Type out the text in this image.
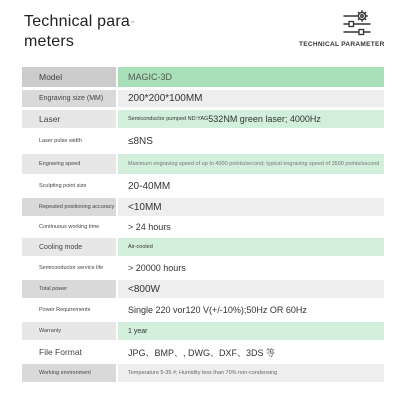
Technical para-
meters	TECHNICAL PARAMETER
Model	MAGIC-3D
Engraving size (MM)	200*200*100MM
Laser	Semiconductor pumped ND:YAG 532NM green laser; 4000Hz
Laser pulse width	≤8NS
Engraving speed	Maximum engraving speed of up to 4000 points/second; typical engraving speed of 3500 points/second
Sculpting point size	20-40MM
Repeated positioning accuracy	<10MM
Continuous working time	> 24 hours
Cooling mode	Air-cooled
Semiconductor service life	> 20000 hours
Total power	<800W
Power Requirements	Single 220 vor120 V(+/-10%);50Hz OR 60Hz
Warranty	1 year
File Format	JPG、BMP、, DWG、DXF、3DS 等
Working environment	Temperature 5-35 #; Humidity less than 70% non-condensing
